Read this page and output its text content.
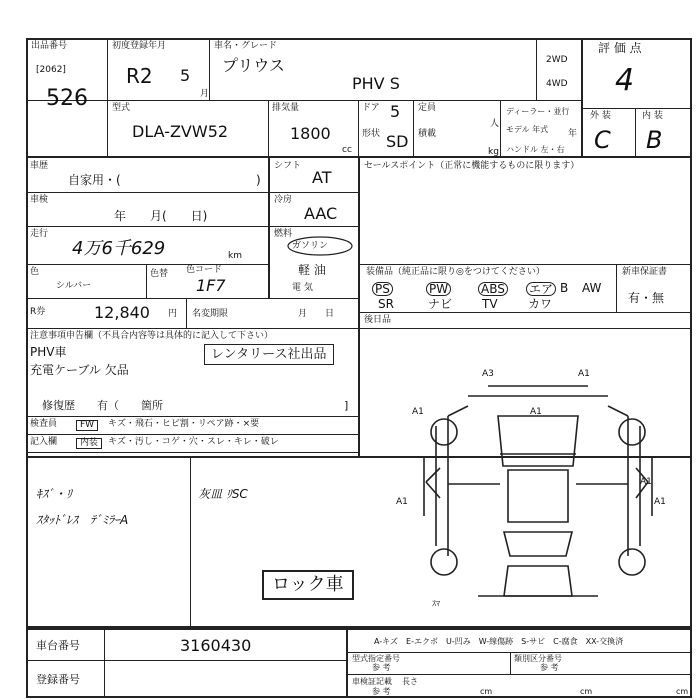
出品番号
[2062]
526
初度登録年月
R2 5
月
車名・グレード
プリウス
PHV S
2WD
4WD
評 価 点
4
外 装	内 装
C B
型式
DLA-ZVW52
排気量
1800
cc
ドア 5
形状 SD
定員
人
積載
kg
ディーラー・並行
モデル 年式 年
ハンドル 左・右
車歴
自家用・(	)
車検
年　　月(　　日)
走行
4万6千629	km
色
シルバー
色替 色コード
1F7
シフト
AT
冷房
AAC
燃料
ガソリン
軽 油
電 気
R券	12,840 円 名変期限	月　　日
セールスポイント（正常に機能するものに限ります）
装備品（純正品に限り◎をつけてください）	新車保証書
有・無
後日品
注意事項申告欄（不具合内容等は具体的に記入して下さい）
PHV車
充電ケーブル 欠品
レンタリース社出品
修復歴　　有（　　箇所	]
検査員	FW	キズ・飛石・ヒビ割・リペア跡・×要
記入欄	内装	キズ・汚し・コゲ・穴・スレ・キレ・破レ
ｷｽﾞ・ﾘ
ｽﾀｯﾄﾞﾚｽ　ﾃﾞﾐﾗｰA
灰皿 ﾘSC
ロック車
A3	A1
A1	A1
A1	A1
A1
ｽﾏ
車台番号	3160430
登録番号
A-キズ　E-エクボ　U-凹み　W-線傷跡　S-サビ　C-腐食　XX-交換済
型式指定番号
参 考
類別区分番号
参 考
車検証記載 長さ
参 考	cm	cm	cm
PS	PW	ABS エア B AW
SR	ナビ TV	カワ
